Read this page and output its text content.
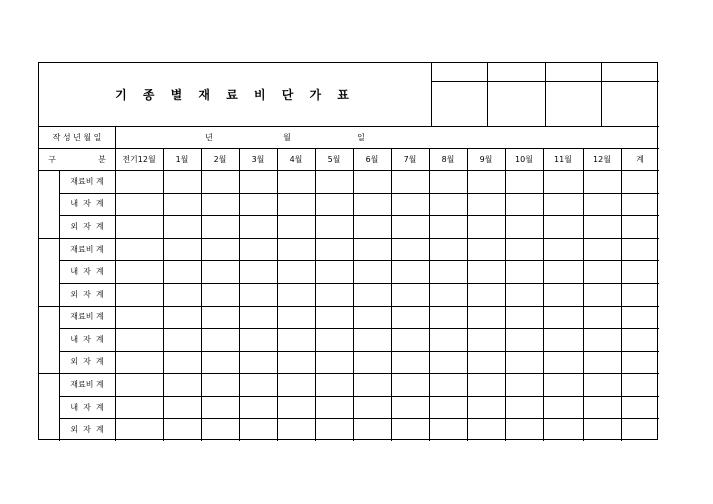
기 종 별 재 료 비 단 가 표
작 성 년 월 일	년	월	일
구	분	전기12월	1월	2월	3월	4월	5월	6월	7월	8월	9월	10월	11월	12월	계
재료비 계
내  자  계
외  자  계
재료비 계
내  자  계
외  자  계
재료비 계
내  자  계
외  자  계
재료비 계
내  자  계
외  자  계
